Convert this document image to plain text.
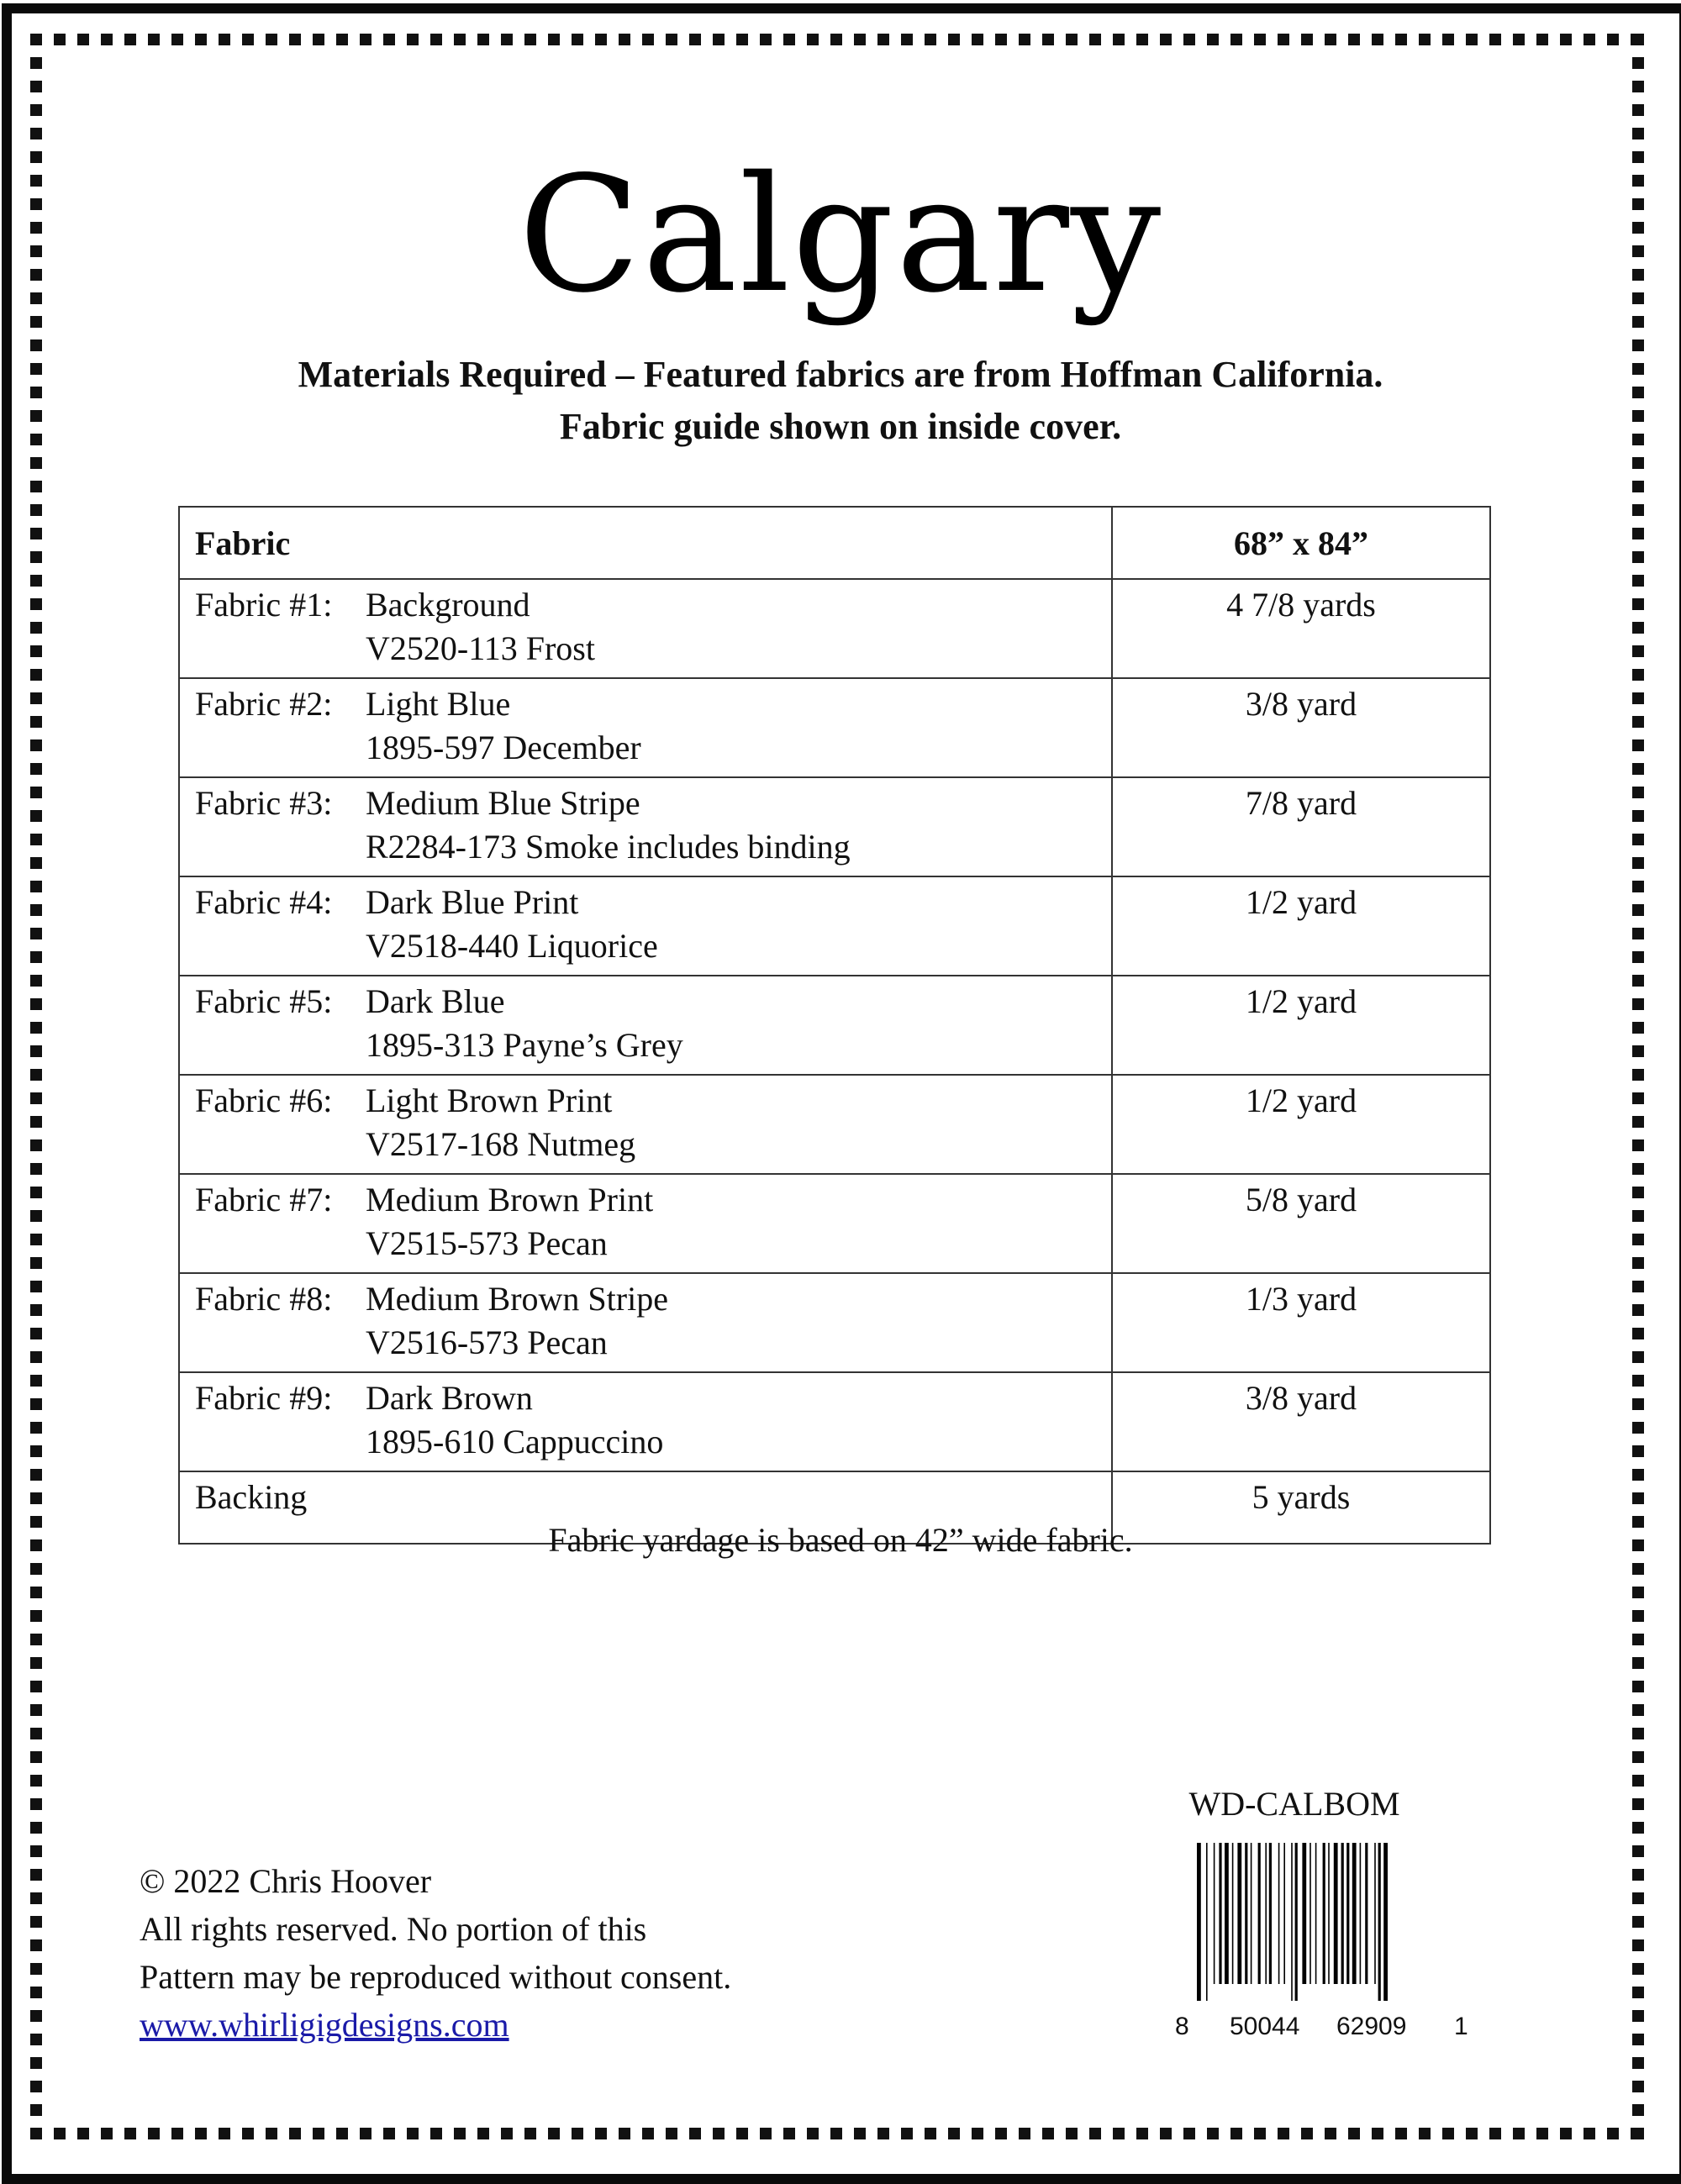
Calgary
Materials Required – Featured fabrics are from Hoffman California.
Fabric guide shown on inside cover.
Fabric	68” x 84”

Fabric #1: Background
V2520-113 Frost	4 7/8 yards

Fabric #2: Light Blue
1895-597 December	3/8 yard

Fabric #3: Medium Blue Stripe
R2284-173 Smoke includes binding	7/8 yard

Fabric #4: Dark Blue Print
V2518-440 Liquorice	1/2 yard

Fabric #5: Dark Blue
1895-313 Payne’s Grey	1/2 yard

Fabric #6: Light Brown Print
V2517-168 Nutmeg	1/2 yard

Fabric #7: Medium Brown Print
V2515-573 Pecan	5/8 yard

Fabric #8: Medium Brown Stripe
V2516-573 Pecan	1/3 yard

Fabric #9: Dark Brown
1895-610 Cappuccino	3/8 yard
Backing	5 yards
Fabric yardage is based on 42” wide fabric.
WD-CALBOM
8 50044 62909 1
© 2022 Chris Hoover
All rights reserved. No portion of this
Pattern may be reproduced without consent.
www.whirligigdesigns.com
